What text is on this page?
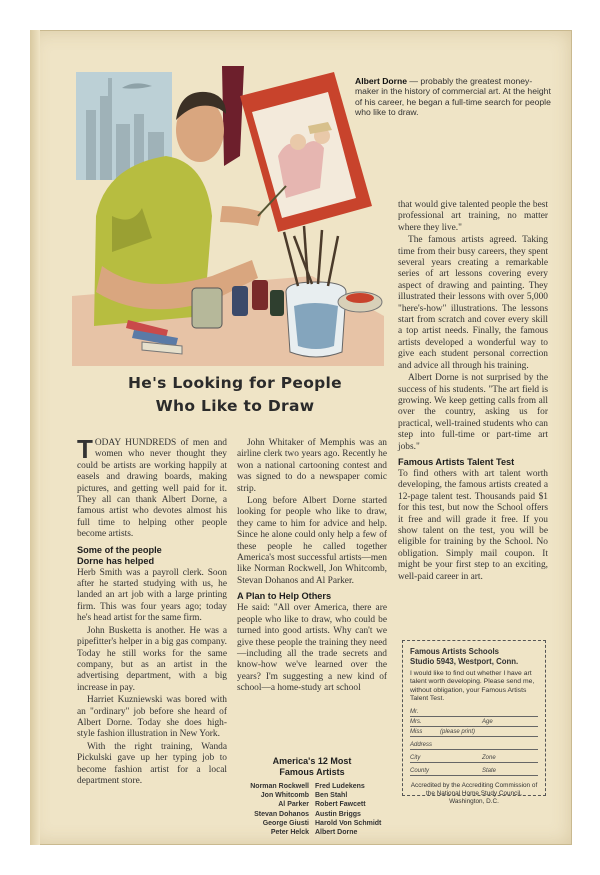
Albert Dorne — probably the greatest money-maker in the history of commercial art. At the height of his career, he began a full-time search for people who like to draw.
He's Looking for People
Who Like to Draw

TODAY HUNDREDS of men and women who never thought they could be artists are working happily at easels and drawing boards, making pictures, and getting well paid for it. They all can thank Albert Dorne, a famous artist who devotes almost his full time to helping other people become artists.

Some of the people
Dorne has helped

Herb Smith was a payroll clerk. Soon after he started studying with us, he landed an art job with a large printing firm. This was four years ago; today he's head artist for the same firm.

John Busketta is another. He was a pipefitter's helper in a big gas company. Today he still works for the same company, but as an artist in the advertising department, with a big increase in pay.

Harriet Kuzniewski was bored with an "ordinary" job before she heard of Albert Dorne. Today she does high-style fashion illustration in New York.

With the right training, Wanda Pickulski gave up her typing job to become fashion artist for a local department store.

John Whitaker of Memphis was an airline clerk two years ago. Recently he won a national cartooning contest and was signed to do a newspaper comic strip.

Long before Albert Dorne started looking for people who like to draw, they came to him for advice and help. Since he alone could only help a few of these people he called together America's most successful artists—men like Norman Rockwell, Jon Whitcomb, Stevan Dohanos and Al Parker.

A Plan to Help Others

He said: "All over America, there are people who like to draw, who could be turned into good artists. Why can't we give these people the training they need—including all the trade secrets and know-how we've learned over the years? I'm suggesting a new kind of school—a home-study art school

America's 12 Most
Famous Artists
Norman Rockwell Fred Ludekens
Jon Whitcomb Ben Stahl
Al Parker Robert Fawcett
Stevan Dohanos Austin Briggs
George Giusti Harold Von Schmidt
Peter Helck Albert Dorne

that would give talented people the best professional art training, no matter where they live."

The famous artists agreed. Taking time from their busy careers, they spent several years creating a remarkable series of art lessons covering every aspect of drawing and painting. They illustrated their lessons with over 5,000 "here's-how" illustrations. The lessons start from scratch and cover every skill a top artist needs. Finally, the famous artists developed a wonderful way to give each student personal correction and advice all through his training.

Albert Dorne is not surprised by the success of his students. "The art field is growing. We keep getting calls from all over the country, asking us for practical, well-trained students who can step into full-time or part-time art jobs."

Famous Artists Talent Test

To find others with art talent worth developing, the famous artists created a 12-page talent test. Thousands paid $1 for this test, but now the School offers it free and will grade it free. If you show talent on the test, you will be eligible for training by the School. No obligation. Simply mail coupon. It might be your first step to an exciting, well-paid career in art.

Famous Artists Schools
Studio 5943, Westport, Conn.
I would like to find out whether I have art talent worth developing. Please send me, without obligation, your Famous Artists Talent Test.
Mr.
Mrs.	Age
Miss	(please print)
Address
City	Zone
County	State
Accredited by the Accrediting Commission of the National Home Study Council, Washington, D.C.
